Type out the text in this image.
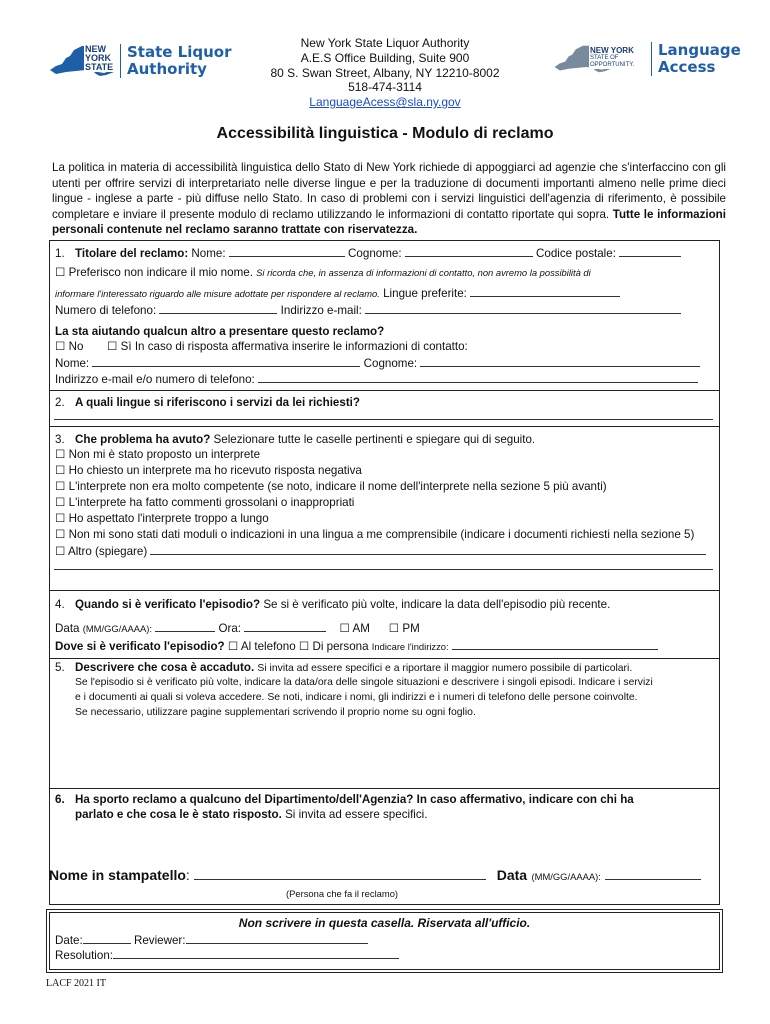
NEW
YORK
STATE
State Liquor
Authority
New York State Liquor Authority
A.E.S Office Building, Suite 900
80 S. Swan Street, Albany, NY 12210-8002
518-474-3114
LanguageAcess@sla.ny.gov
NEW YORK
STATE OF
OPPORTUNITY.
Language
Access
Accessibilità linguistica - Modulo di reclamo
La politica in materia di accessibilità linguistica dello Stato di New York richiede di appoggiarci ad agenzie che s'interfaccino con gli utenti per offrire servizi di interpretariato nelle diverse lingue e per la traduzione di documenti importanti almeno nelle prime dieci lingue - inglese a parte - più diffuse nello Stato. In caso di problemi con i servizi linguistici dell'agenzia di riferimento, è possibile completare e inviare il presente modulo di reclamo utilizzando le informazioni di contatto riportate qui sopra. Tutte le informazioni personali contenute nel reclamo saranno trattate con riservatezza.
1. Titolare del reclamo: Nome:	Cognome:	Codice postale:
☐ Preferisco non indicare il mio nome. Si ricorda che, in assenza di informazioni di contatto, non avremo la possibilità di
informare l'interessato riguardo alle misure adottate per rispondere al reclamo. Lingue preferite:
Numero di telefono:	Indirizzo e-mail:
La sta aiutando qualcun altro a presentare questo reclamo?
☐ No ☐ Sì In caso di risposta affermativa inserire le informazioni di contatto:
Nome:	Cognome:
Indirizzo e-mail e/o numero di telefono:
2. A quali lingue si riferiscono i servizi da lei richiesti?
3. Che problema ha avuto? Selezionare tutte le caselle pertinenti e spiegare qui di seguito.
☐ Non mi è stato proposto un interprete
☐ Ho chiesto un interprete ma ho ricevuto risposta negativa
☐ L'interprete non era molto competente (se noto, indicare il nome dell'interprete nella sezione 5 più avanti)
☐ L'interprete ha fatto commenti grossolani o inappropriati
☐ Ho aspettato l'interprete troppo a lungo
☐ Non mi sono stati dati moduli o indicazioni in una lingua a me comprensibile (indicare i documenti richiesti nella sezione 5)
☐ Altro (spiegare)
4. Quando si è verificato l'episodio? Se si è verificato più volte, indicare la data dell'episodio più recente.
Data (MM/GG/AAAA):	Ora:	☐ AM ☐ PM
Dove si è verificato l'episodio? ☐ Al telefono ☐ Di persona Indicare l'indirizzo:
5. Descrivere che cosa è accaduto. Si invita ad essere specifici e a riportare il maggior numero possibile di particolari.
Se l'episodio si è verificato più volte, indicare la data/ora delle singole situazioni e descrivere i singoli episodi. Indicare i servizi
e i documenti ai quali si voleva accedere. Se noti, indicare i nomi, gli indirizzi e i numeri di telefono delle persone coinvolte.
Se necessario, utilizzare pagine supplementari scrivendo il proprio nome su ogni foglio.
6. Ha sporto reclamo a qualcuno del Dipartimento/dell'Agenzia? In caso affermativo, indicare con chi ha
parlato e che cosa le è stato risposto. Si invita ad essere specifici.
Nome in stampatello:	Data (MM/GG/AAAA):
(Persona che fa il reclamo)
Non scrivere in questa casella. Riservata all'ufficio.
Date:	Reviewer:
Resolution:
LACF 2021 IT
